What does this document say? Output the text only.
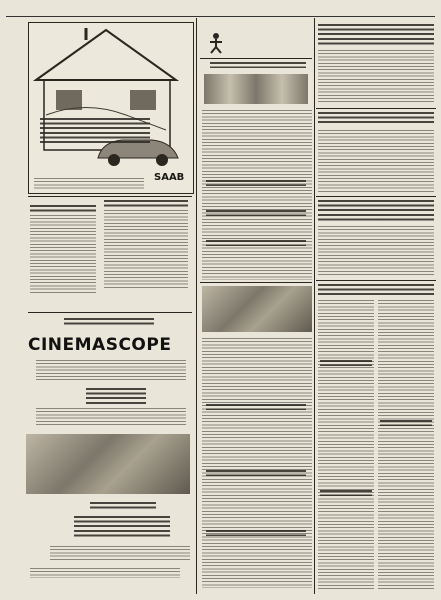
SAAB
CINEMASCOPE
